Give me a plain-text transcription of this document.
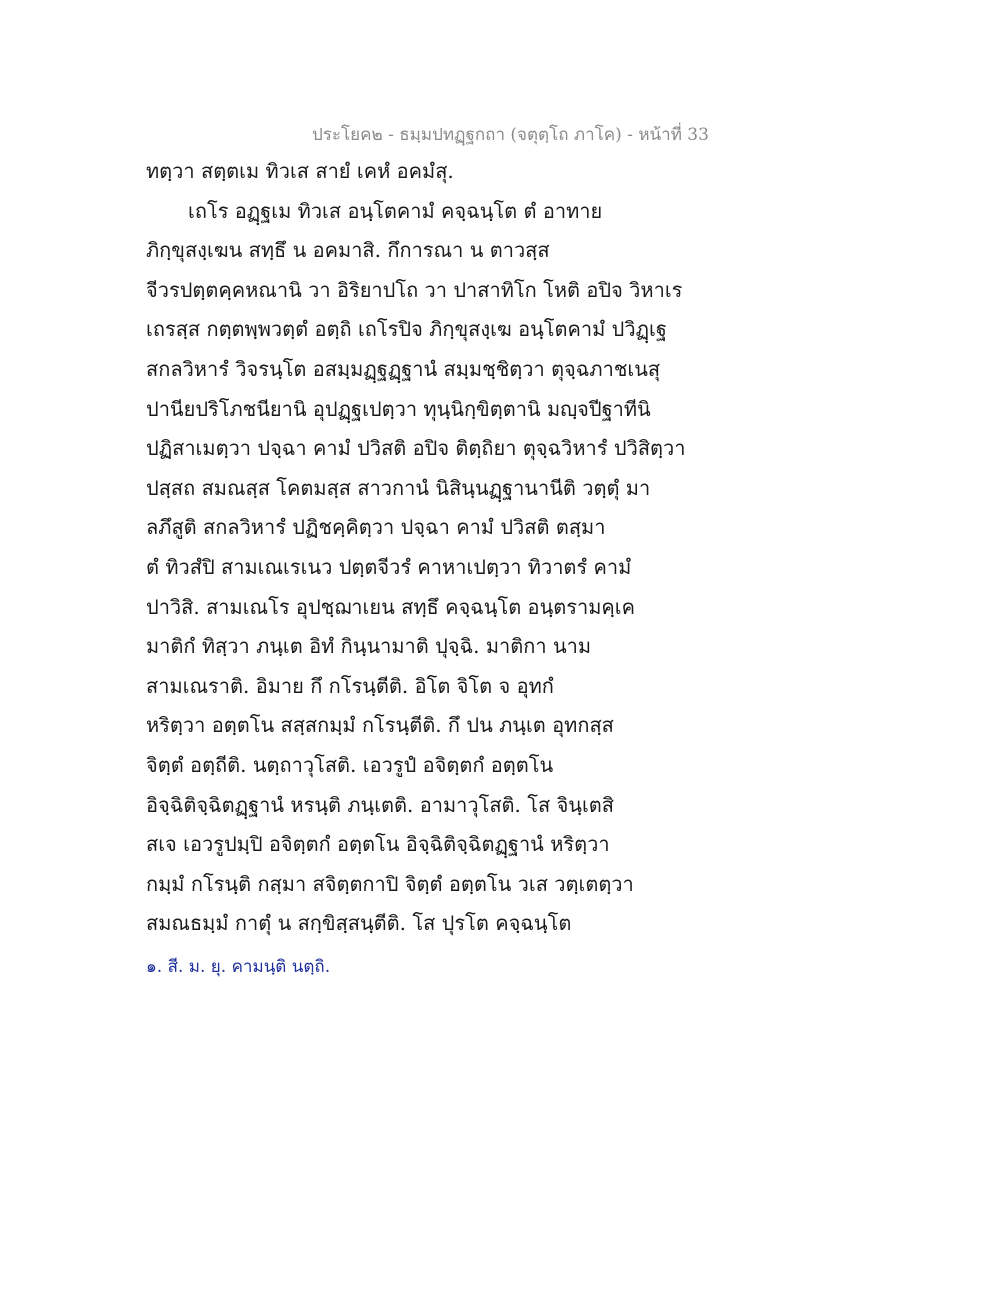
ประโยค๒ - ธมฺมปทฏฺฐกถา (จตุตฺโถ ภาโค) - หน้าที่ 33
ทตฺวา สตฺตเม ทิวเส สายํ เคหํ อคมํสุ.
เถโร อฏฺฐเม ทิวเส อนฺโตคามํ คจฺฉนฺโต ตํ อาทาย
ภิกฺขุสงฺเฆน สทฺธึ น อคมาสิ. กึการณา น ตาวสฺส
จีวรปตฺตคฺคหณานิ วา อิริยาปโถ วา ปาสาทิโก โหติ อปิจ วิหาเร
เถรสฺส กตฺตพฺพวตฺตํ อตฺถิ เถโรปิจ ภิกฺขุสงฺเฆ อนฺโตคามํ ปวิฏฺเฐ
สกลวิหารํ วิจรนฺโต อสมฺมฏฺฐฏฺฐานํ สมฺมชฺชิตฺวา ตุจฺฉภาชเนสุ
ปานียปริโภชนียานิ อุปฏฺฐเปตฺวา ทุนฺนิกฺขิตฺตานิ มญฺจปีฐาทีนิ
ปฏิสาเมตฺวา ปจฺฉา คามํ ปวิสติ อปิจ ติตฺถิยา ตุจฺฉวิหารํ ปวิสิตฺวา
ปสฺสถ สมณสฺส โคตมสฺส สาวกานํ นิสินฺนฏฺฐานานีติ วตฺตุํ มา
ลภึสูติ สกลวิหารํ ปฏิชคฺคิตฺวา ปจฺฉา คามํ ปวิสติ ตสฺมา
ตํ ทิวสํปิ สามเณเรเนว ปตฺตจีวรํ คาหาเปตฺวา ทิวาตรํ คามํ
ปาวิสิ. สามเณโร อุปชฺฌาเยน สทฺธึ คจฺฉนฺโต อนฺตรามคฺเค
มาติกํ ทิสฺวา ภนฺเต อิทํ กินฺนามาติ ปุจฺฉิ. มาติกา นาม
สามเณราติ. อิมาย กึ กโรนฺตีติ. อิโต จิโต จ อุทกํ
หริตฺวา อตฺตโน สสฺสกมฺมํ กโรนฺตีติ. กึ ปน ภนฺเต อุทกสฺส
จิตฺตํ อตฺถีติ. นตฺถาวุโสติ. เอวรูปํ อจิตฺตกํ อตฺตโน
อิจฺฉิติจฺฉิตฏฺฐานํ หรนฺติ ภนฺเตติ. อามาวุโสติ. โส จินฺเตสิ
สเจ เอวรูปมฺปิ อจิตฺตกํ อตฺตโน อิจฺฉิติจฺฉิตฏฺฐานํ หริตฺวา
กมฺมํ กโรนฺติ กสฺมา สจิตฺตกาปิ จิตฺตํ อตฺตโน วเส วตฺเตตฺวา
สมณธมฺมํ กาตุํ น สกฺขิสฺสนฺตีติ. โส ปุรโต คจฺฉนฺโต
๑. สี. ม. ยุ. คามนฺติ นตฺถิ.
